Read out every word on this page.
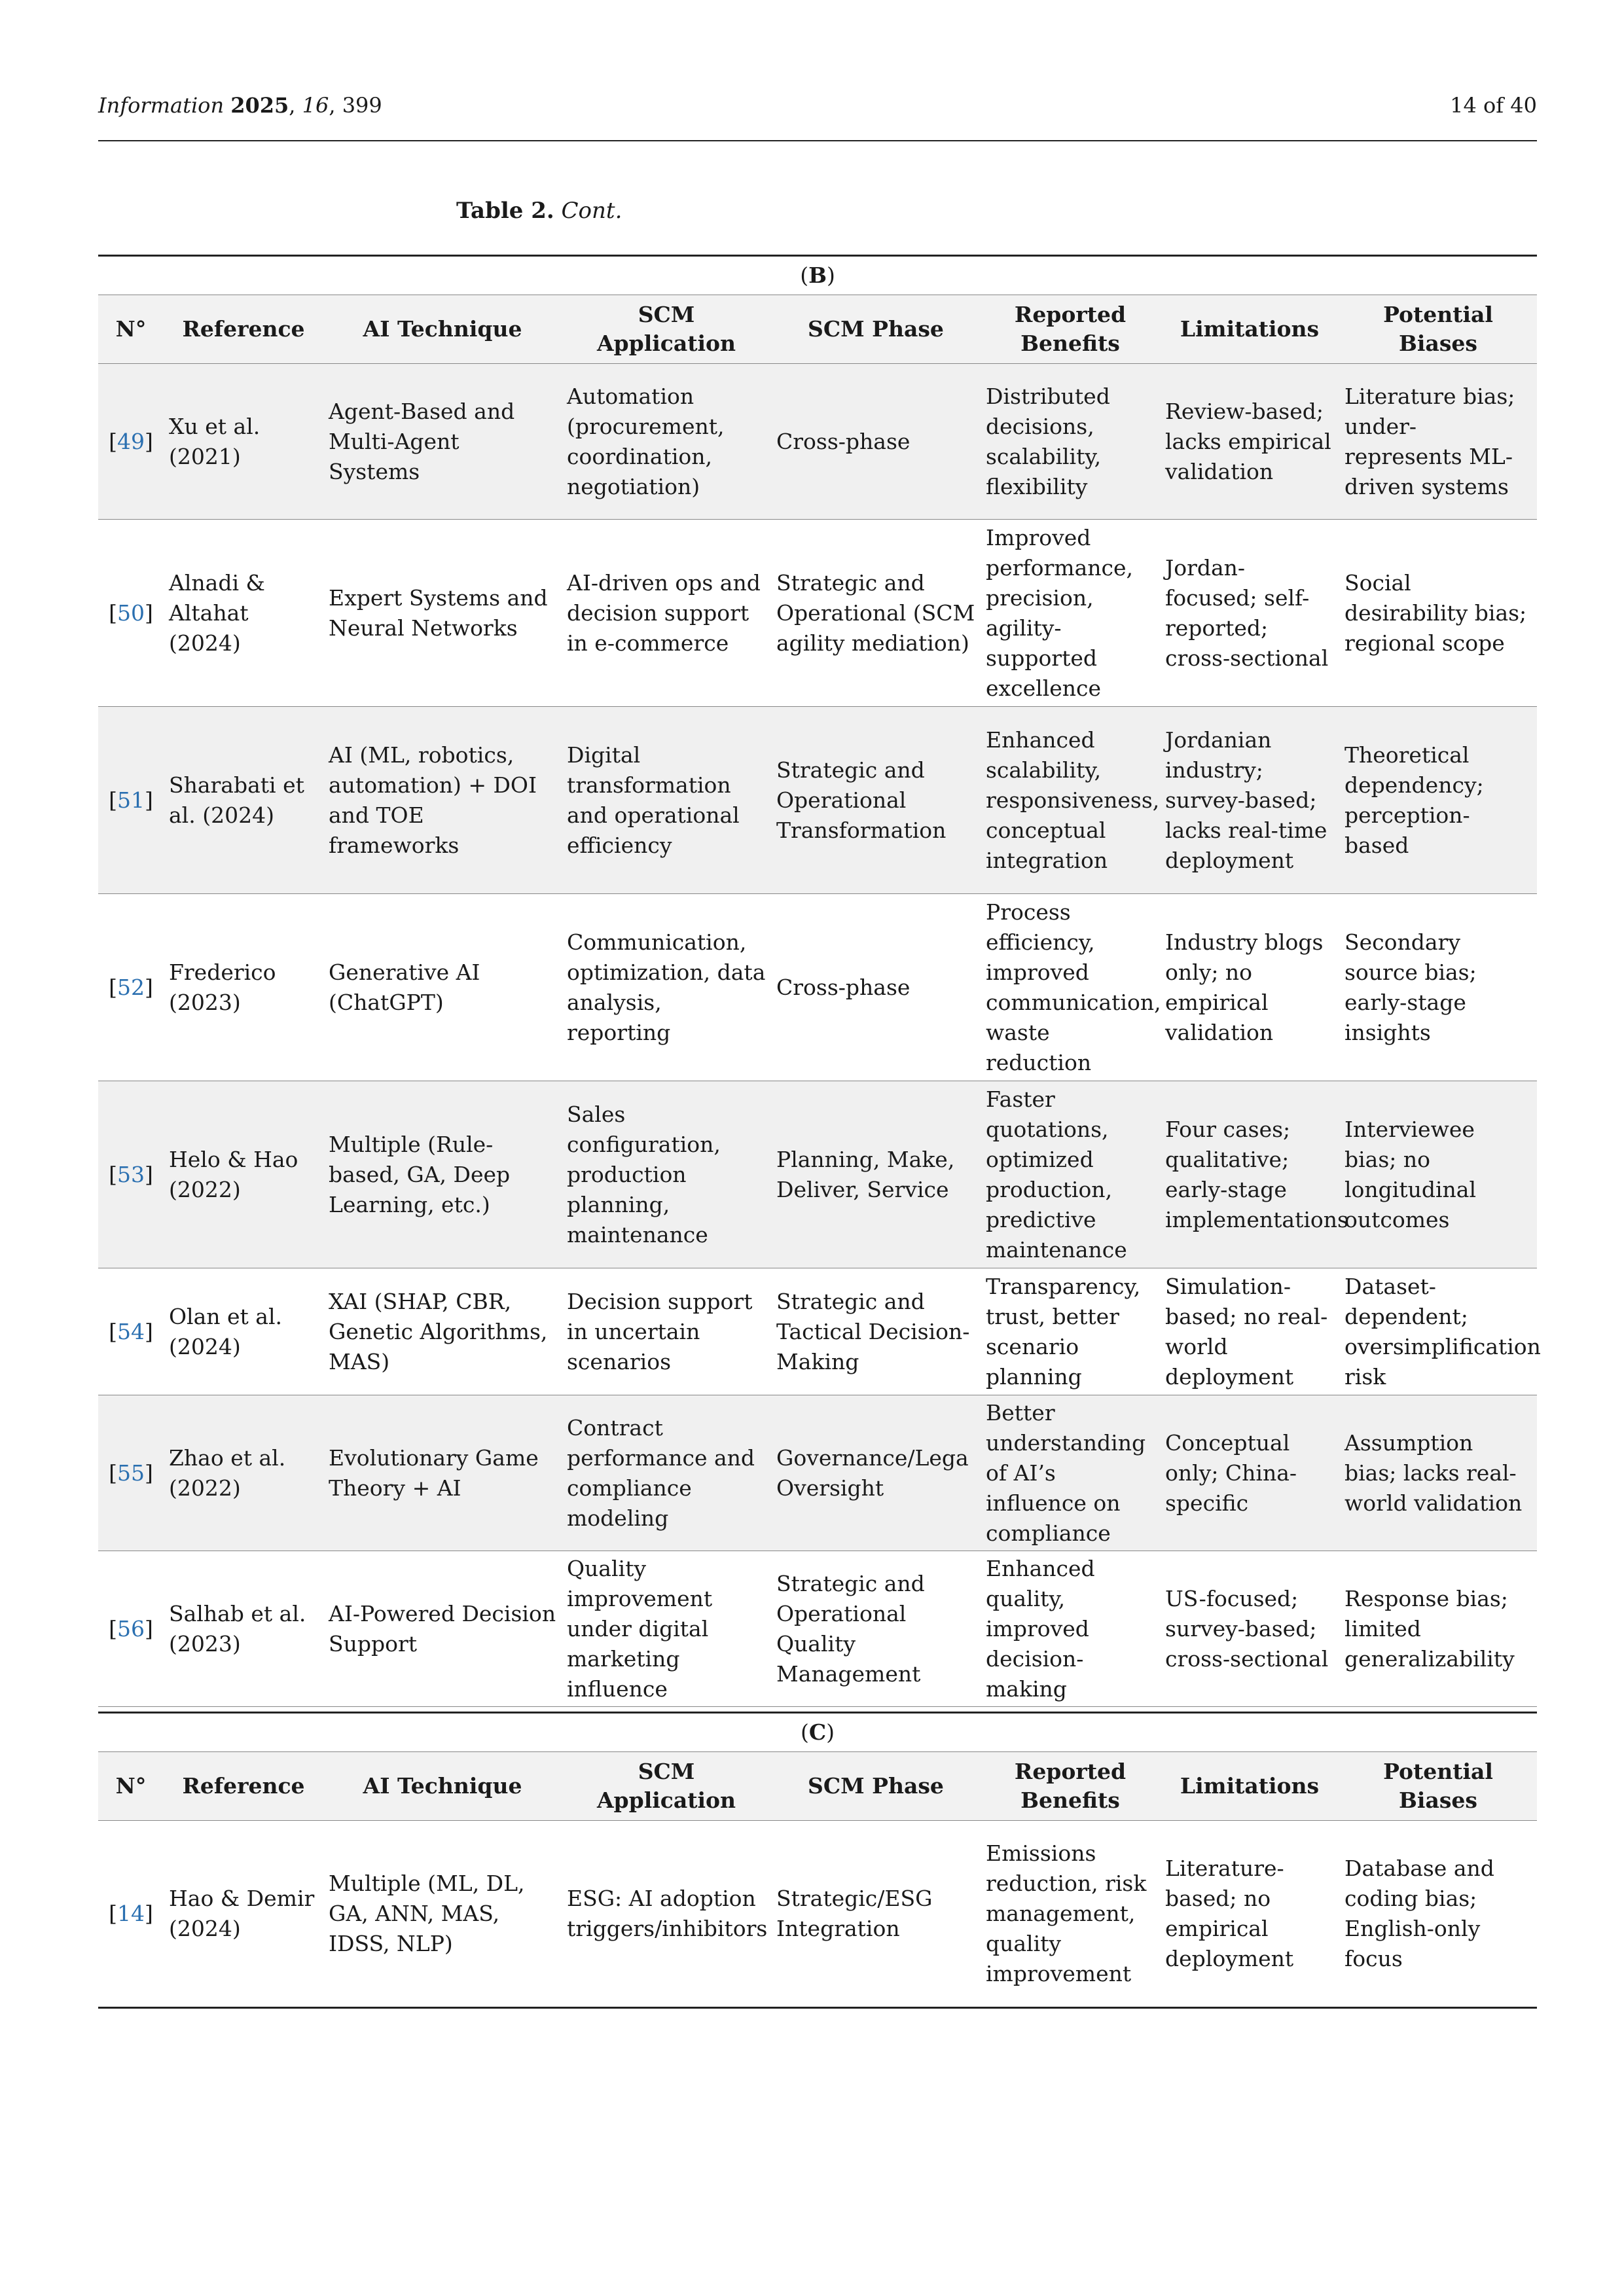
Information 2025, 16, 399	14 of 40
Table 2. Cont.
(B)							
N°	Reference	AI Technique	SCM Application	SCM Phase	Reported Benefits	Limitations	Potential Biases
[49]	Xu et al. (2021)	Agent-Based and Multi-Agent Systems	Automation (procurement, coordination, negotiation)	Cross-phase	Distributed decisions, scalability, flexibility	Review-based; lacks empirical validation	Literature bias; under-represents ML-driven systems
[50]	Alnadi & Altahat (2024)	Expert Systems and Neural Networks	AI-driven ops and decision support in e-commerce	Strategic and Operational (SCM agility mediation)	Improved performance, precision, agility-supported excellence	Jordan-focused; self-reported; cross-sectional	Social desirability bias; regional scope
[51]	Sharabati et al. (2024)	AI (ML, robotics, automation) + DOI and TOE frameworks	Digital transformation and operational efficiency	Strategic and Operational Transformation	Enhanced scalability, responsiveness, conceptual integration	Jordanian industry; survey-based; lacks real-time deployment	Theoretical dependency; perception-based
[52]	Frederico (2023)	Generative AI (ChatGPT)	Communication, optimization, data analysis, reporting	Cross-phase	Process efficiency, improved communication, waste reduction	Industry blogs only; no empirical validation	Secondary source bias; early-stage insights
[53]	Helo & Hao (2022)	Multiple (Rule-based, GA, Deep Learning, etc.)	Sales configuration, production planning, maintenance	Planning, Make, Deliver, Service	Faster quotations, optimized production, predictive maintenance	Four cases; qualitative; early-stage implementations	Interviewee bias; no longitudinal outcomes
[54]	Olan et al. (2024)	XAI (SHAP, CBR, Genetic Algorithms, MAS)	Decision support in uncertain scenarios	Strategic and Tactical Decision-Making	Transparency, trust, better scenario planning	Simulation-based; no real-world deployment	Dataset-dependent; oversimplification risk
[55]	Zhao et al. (2022)	Evolutionary Game Theory + AI	Contract performance and compliance modeling	Governance/Lega Oversight	Better understanding of AI’s influence on compliance	Conceptual only; China-specific	Assumption bias; lacks real-world validation
[56]	Salhab et al. (2023)	AI-Powered Decision Support	Quality improvement under digital marketing influence	Strategic and Operational Quality Management	Enhanced quality, improved decision-making	US-focused; survey-based; cross-sectional	Response bias; limited generalizability
(C)							
N°	Reference	AI Technique	SCM Application	SCM Phase	Reported Benefits	Limitations	Potential Biases
[14]	Hao & Demir (2024)	Multiple (ML, DL, GA, ANN, MAS, IDSS, NLP)	ESG: AI adoption triggers/inhibitors	Strategic/ESG Integration	Emissions reduction, risk management, quality improvement	Literature-based; no empirical deployment	Database and coding bias; English-only focus
